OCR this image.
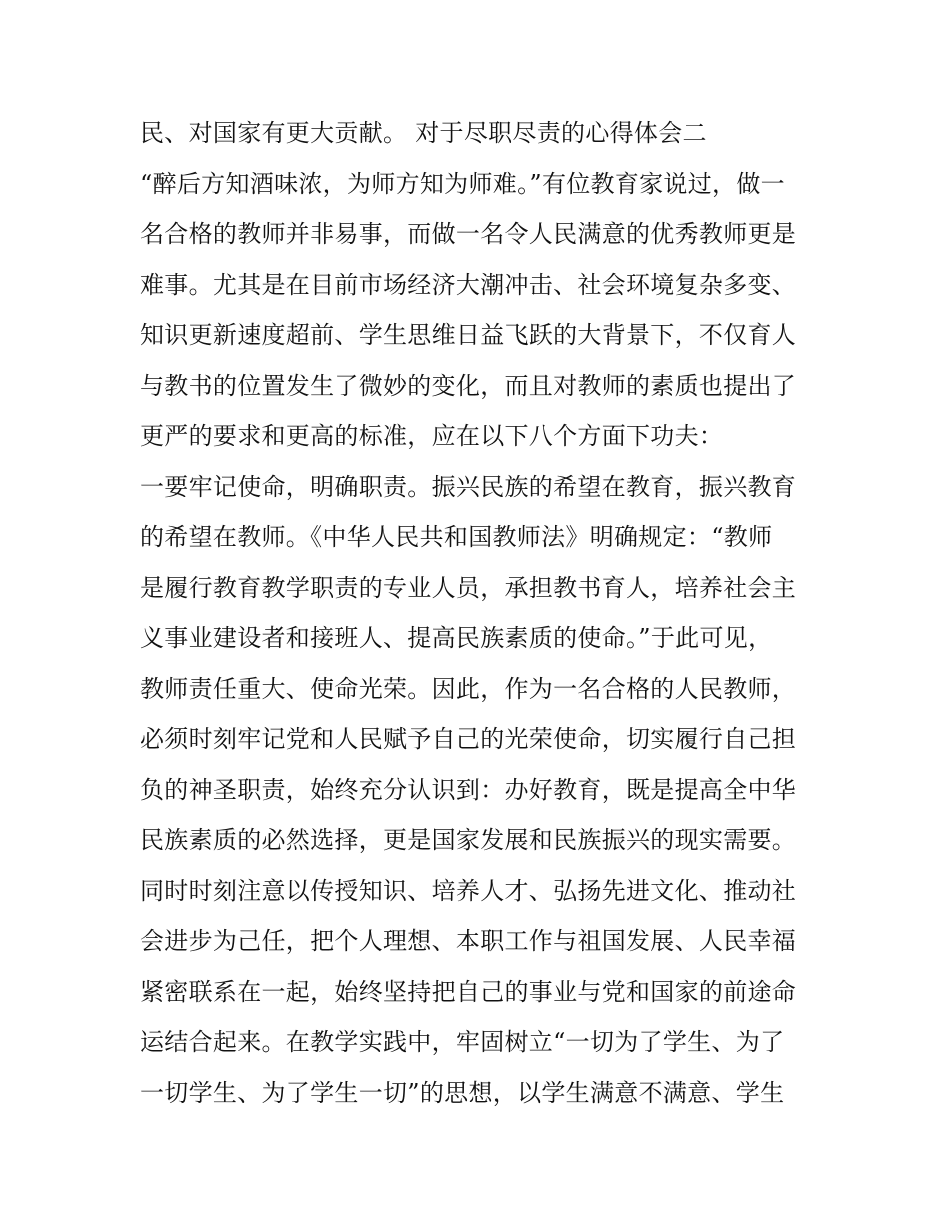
民、对国家有更大贡献。 对于尽职尽责的心得体会二
“醉后方知酒味浓，为师方知为师难。”有位教育家说过，做一
名合格的教师并非易事，而做一名令人民满意的优秀教师更是
难事。尤其是在目前市场经济大潮冲击、社会环境复杂多变、
知识更新速度超前、学生思维日益飞跃的大背景下，不仅育人
与教书的位置发生了微妙的变化，而且对教师的素质也提出了
更严的要求和更高的标准，应在以下八个方面下功夫：
一要牢记使命，明确职责。振兴民族的希望在教育，振兴教育
的希望在教师。《中华人民共和国教师法》明确规定：“教师
是履行教育教学职责的专业人员，承担教书育人，培养社会主
义事业建设者和接班人、提高民族素质的使命。”于此可见，
教师责任重大、使命光荣。因此，作为一名合格的人民教师，
必须时刻牢记党和人民赋予自己的光荣使命，切实履行自己担
负的神圣职责，始终充分认识到：办好教育，既是提高全中华
民族素质的必然选择，更是国家发展和民族振兴的现实需要。
同时时刻注意以传授知识、培养人才、弘扬先进文化、推动社
会进步为己任，把个人理想、本职工作与祖国发展、人民幸福
紧密联系在一起，始终坚持把自己的事业与党和国家的前途命
运结合起来。在教学实践中，牢固树立“一切为了学生、为了
一切学生、为了学生一切”的思想，以学生满意不满意、学生
